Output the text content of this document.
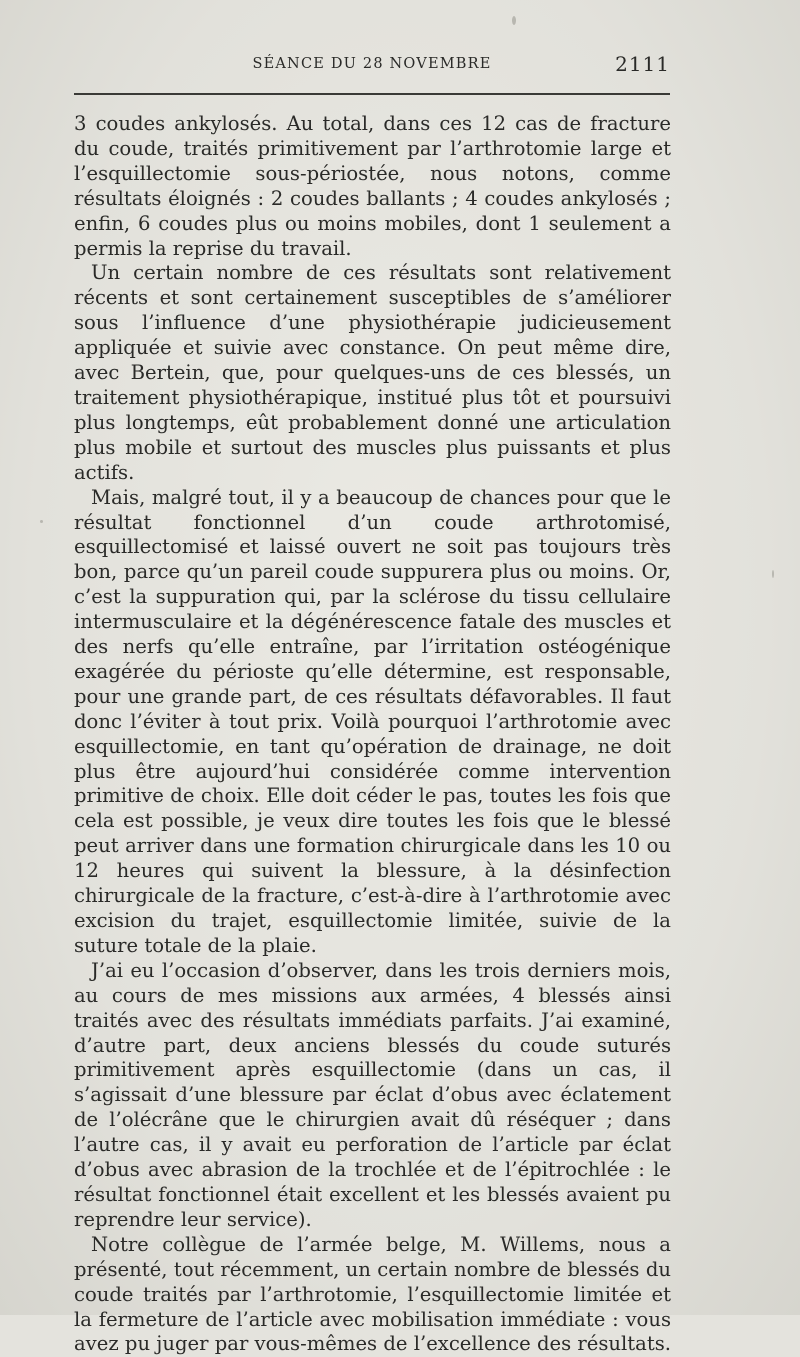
SÉANCE DU 28 NOVEMBRE	2111

3 coudes ankylosés. Au total, dans ces 12 cas de fracture du coude, traités primitivement par l’arthrotomie large et l’esquillectomie sous-périostée, nous notons, comme résultats éloignés : 2 coudes ballants ; 4 coudes ankylosés ; enfin, 6 coudes plus ou moins mobiles, dont 1 seulement a permis la reprise du travail.

Un certain nombre de ces résultats sont relativement récents et sont certainement susceptibles de s’améliorer sous l’influence d’une physiothérapie judicieusement appliquée et suivie avec constance. On peut même dire, avec Bertein, que, pour quelques-uns de ces blessés, un traitement physiothérapique, institué plus tôt et poursuivi plus longtemps, eût probablement donné une articulation plus mobile et surtout des muscles plus puissants et plus actifs.

Mais, malgré tout, il y a beaucoup de chances pour que le résultat fonctionnel d’un coude arthrotomisé, esquillectomisé et laissé ouvert ne soit pas toujours très bon, parce qu’un pareil coude suppurera plus ou moins. Or, c’est la suppuration qui, par la sclérose du tissu cellulaire intermusculaire et la dégénérescence fatale des muscles et des nerfs qu’elle entraîne, par l’irritation ostéogénique exagérée du périoste qu’elle détermine, est responsable, pour une grande part, de ces résultats défavorables. Il faut donc l’éviter à tout prix. Voilà pourquoi l’arthrotomie avec esquillectomie, en tant qu’opération de drainage, ne doit plus être aujourd’hui considérée comme intervention primitive de choix. Elle doit céder le pas, toutes les fois que cela est possible, je veux dire toutes les fois que le blessé peut arriver dans une formation chirurgicale dans les 10 ou 12 heures qui suivent la blessure, à la désinfection chirurgicale de la fracture, c’est-à-dire à l’arthrotomie avec excision du trajet, esquillectomie limitée, suivie de la suture totale de la plaie.

J’ai eu l’occasion d’observer, dans les trois derniers mois, au cours de mes missions aux armées, 4 blessés ainsi traités avec des résultats immédiats parfaits. J’ai examiné, d’autre part, deux anciens blessés du coude suturés primitivement après esquillectomie (dans un cas, il s’agissait d’une blessure par éclat d’obus avec éclatement de l’olécrâne que le chirurgien avait dû réséquer ; dans l’autre cas, il y avait eu perforation de l’article par éclat d’obus avec abrasion de la trochlée et de l’épitrochlée : le résultat fonctionnel était excellent et les blessés avaient pu reprendre leur service).

Notre collègue de l’armée belge, M. Willems, nous a présenté, tout récemment, un certain nombre de blessés du coude traités par l’arthrotomie, l’esquillectomie limitée et la fermeture de l’article avec mobilisation immédiate : vous avez pu juger par vous-mêmes de l’excellence des résultats.
